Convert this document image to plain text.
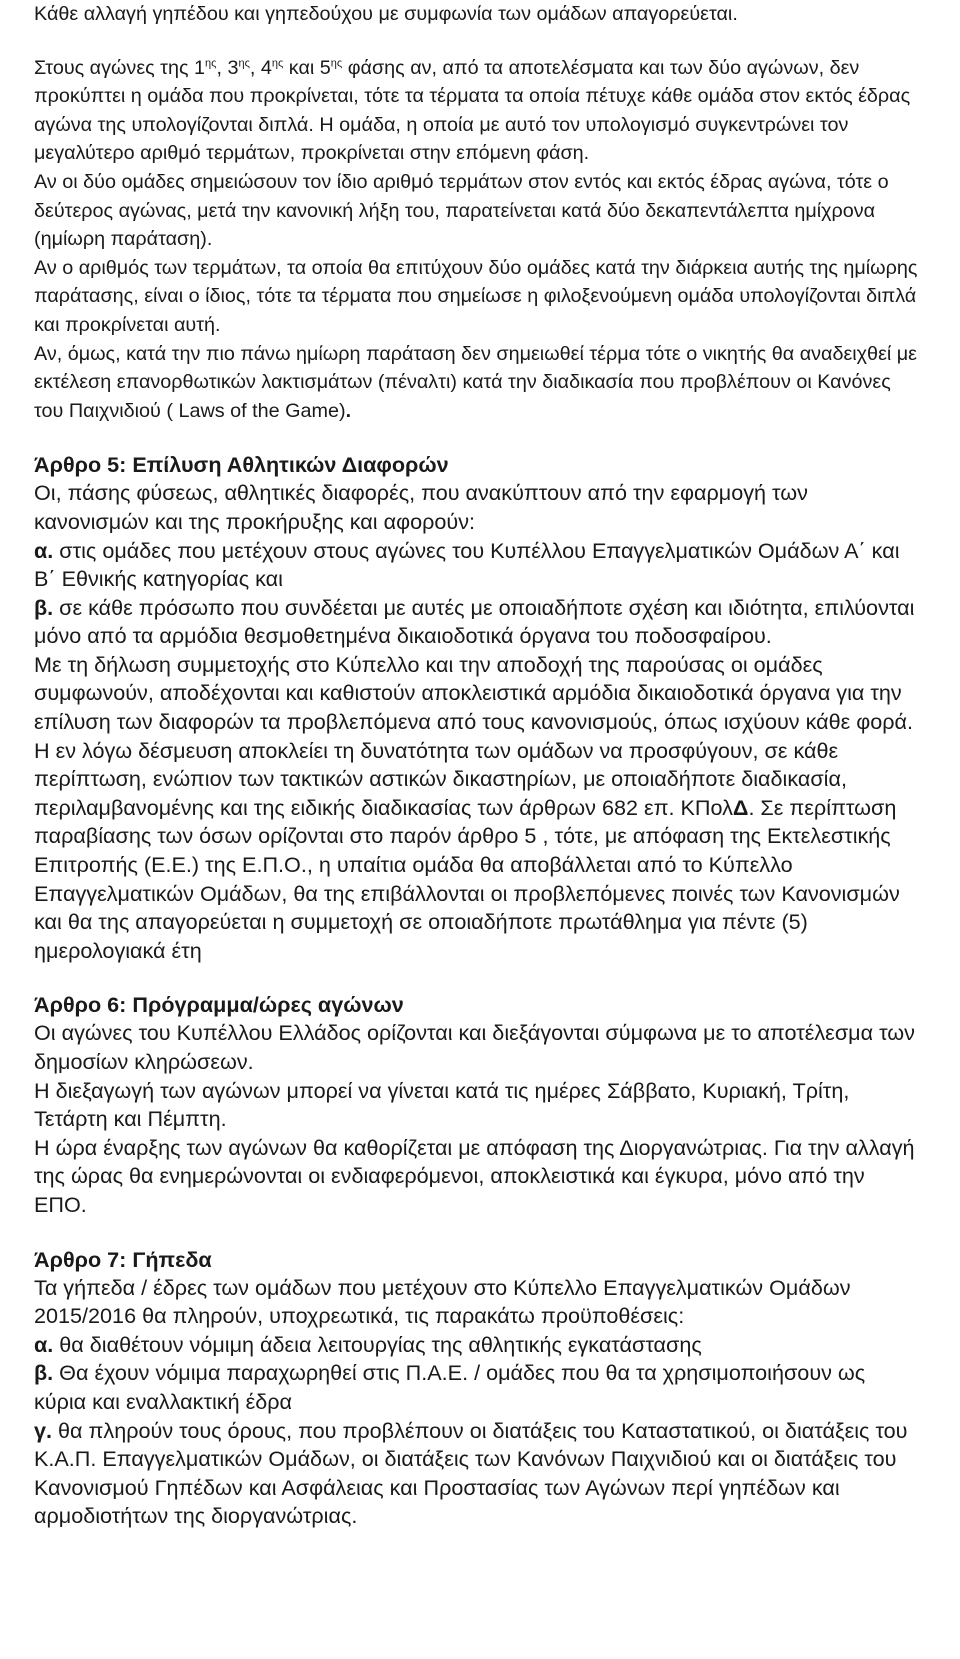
Κάθε αλλαγή γηπέδου και γηπεδούχου με συμφωνία των ομάδων απαγορεύεται.

Στους αγώνες της $1^{\eta\varsigma}$, $3^{\eta\varsigma}$, $4^{\eta\varsigma}$ και $5^{\eta\varsigma}$ φάσης αν, από τα αποτελέσματα και των δύο αγώνων, δεν προκύπτει η ομάδα που προκρίνεται, τότε τα τέρματα τα οποία πέτυχε κάθε ομάδα στον εκτός έδρας αγώνα της υπολογίζονται διπλά. Η ομάδα, η οποία με αυτό τον υπολογισμό συγκεντρώνει τον μεγαλύτερο αριθμό τερμάτων, προκρίνεται στην επόμενη φάση.

Αν οι δύο ομάδες σημειώσουν τον ίδιο αριθμό τερμάτων στον εντός και εκτός έδρας αγώνα, τότε ο δεύτερος αγώνας, μετά την κανονική λήξη του, παρατείνεται κατά δύο δεκαπεντάλεπτα ημίχρονα (ημίωρη παράταση).

Αν ο αριθμός των τερμάτων, τα οποία θα επιτύχουν δύο ομάδες κατά την διάρκεια αυτής της ημίωρης παράτασης, είναι ο ίδιος, τότε τα τέρματα που σημείωσε η φιλοξενούμενη ομάδα υπολογίζονται διπλά και προκρίνεται αυτή.

Αν, όμως, κατά την πιο πάνω ημίωρη παράταση δεν σημειωθεί τέρμα τότε ο νικητής θα αναδειχθεί με εκτέλεση επανορθωτικών λακτισμάτων (πέναλτι) κατά την διαδικασία που προβλέπουν οι Κανόνες του Παιχνιδιού ( Laws of the Game).

Άρθρο 5: Επίλυση Αθλητικών Διαφορών

Οι, πάσης φύσεως, αθλητικές διαφορές, που ανακύπτουν από την εφαρμογή των κανονισμών και της προκήρυξης και αφορούν:

α. στις ομάδες που μετέχουν στους αγώνες του Κυπέλλου Επαγγελματικών Ομάδων Α΄ και Β΄ Εθνικής κατηγορίας και

β. σε κάθε πρόσωπο που συνδέεται με αυτές με οποιαδήποτε σχέση και ιδιότητα, επιλύονται μόνο από τα αρμόδια θεσμοθετημένα δικαιοδοτικά όργανα του ποδοσφαίρου.

Με τη δήλωση συμμετοχής στο Κύπελλο και την αποδοχή της παρούσας οι ομάδες συμφωνούν, αποδέχονται και καθιστούν αποκλειστικά αρμόδια δικαιοδοτικά όργανα για την επίλυση των διαφορών τα προβλεπόμενα από τους κανονισμούς, όπως ισχύουν κάθε φορά.

Η εν λόγω δέσμευση αποκλείει τη δυνατότητα των ομάδων να προσφύγουν, σε κάθε περίπτωση, ενώπιον των τακτικών αστικών δικαστηρίων, με οποιαδήποτε διαδικασία, περιλαμβανομένης και της ειδικής διαδικασίας των άρθρων 682 επ. ΚΠολΔ. Σε περίπτωση παραβίασης των όσων ορίζονται στο παρόν άρθρο 5 , τότε, με απόφαση της Εκτελεστικής Επιτροπής (Ε.Ε.) της Ε.Π.Ο., η υπαίτια ομάδα θα αποβάλλεται από το Κύπελλο Επαγγελματικών Ομάδων, θα της επιβάλλονται οι προβλεπόμενες ποινές των Κανονισμών και θα της απαγορεύεται η συμμετοχή σε οποιαδήποτε πρωτάθλημα για πέντε (5) ημερολογιακά έτη

Άρθρο 6: Πρόγραμμα/ώρες αγώνων

Οι αγώνες του Κυπέλλου Ελλάδος ορίζονται και διεξάγονται σύμφωνα με το αποτέλεσμα των δημοσίων κληρώσεων.

Η διεξαγωγή των αγώνων μπορεί να γίνεται κατά τις ημέρες Σάββατο, Κυριακή, Τρίτη, Τετάρτη και Πέμπτη.

Η ώρα έναρξης των αγώνων θα καθορίζεται με απόφαση της Διοργανώτριας. Για την αλλαγή της ώρας θα ενημερώνονται οι ενδιαφερόμενοι, αποκλειστικά και έγκυρα, μόνο από την ΕΠΟ.

Άρθρο 7: Γήπεδα

Τα γήπεδα / έδρες των ομάδων που μετέχουν στο Κύπελλο Επαγγελματικών Ομάδων 2015/2016 θα πληρούν, υποχρεωτικά, τις παρακάτω προϋποθέσεις:

α. θα διαθέτουν νόμιμη άδεια λειτουργίας της αθλητικής εγκατάστασης

β. Θα έχουν νόμιμα παραχωρηθεί στις Π.Α.Ε. / ομάδες που θα τα χρησιμοποιήσουν ως κύρια και εναλλακτική έδρα

γ. θα πληρούν τους όρους, που προβλέπουν οι διατάξεις του Καταστατικού, οι διατάξεις του Κ.Α.Π. Επαγγελματικών Ομάδων, οι διατάξεις των Κανόνων Παιχνιδιού και οι διατάξεις του Κανονισμού Γηπέδων και Ασφάλειας και Προστασίας των Αγώνων περί γηπέδων και αρμοδιοτήτων της διοργανώτριας.
